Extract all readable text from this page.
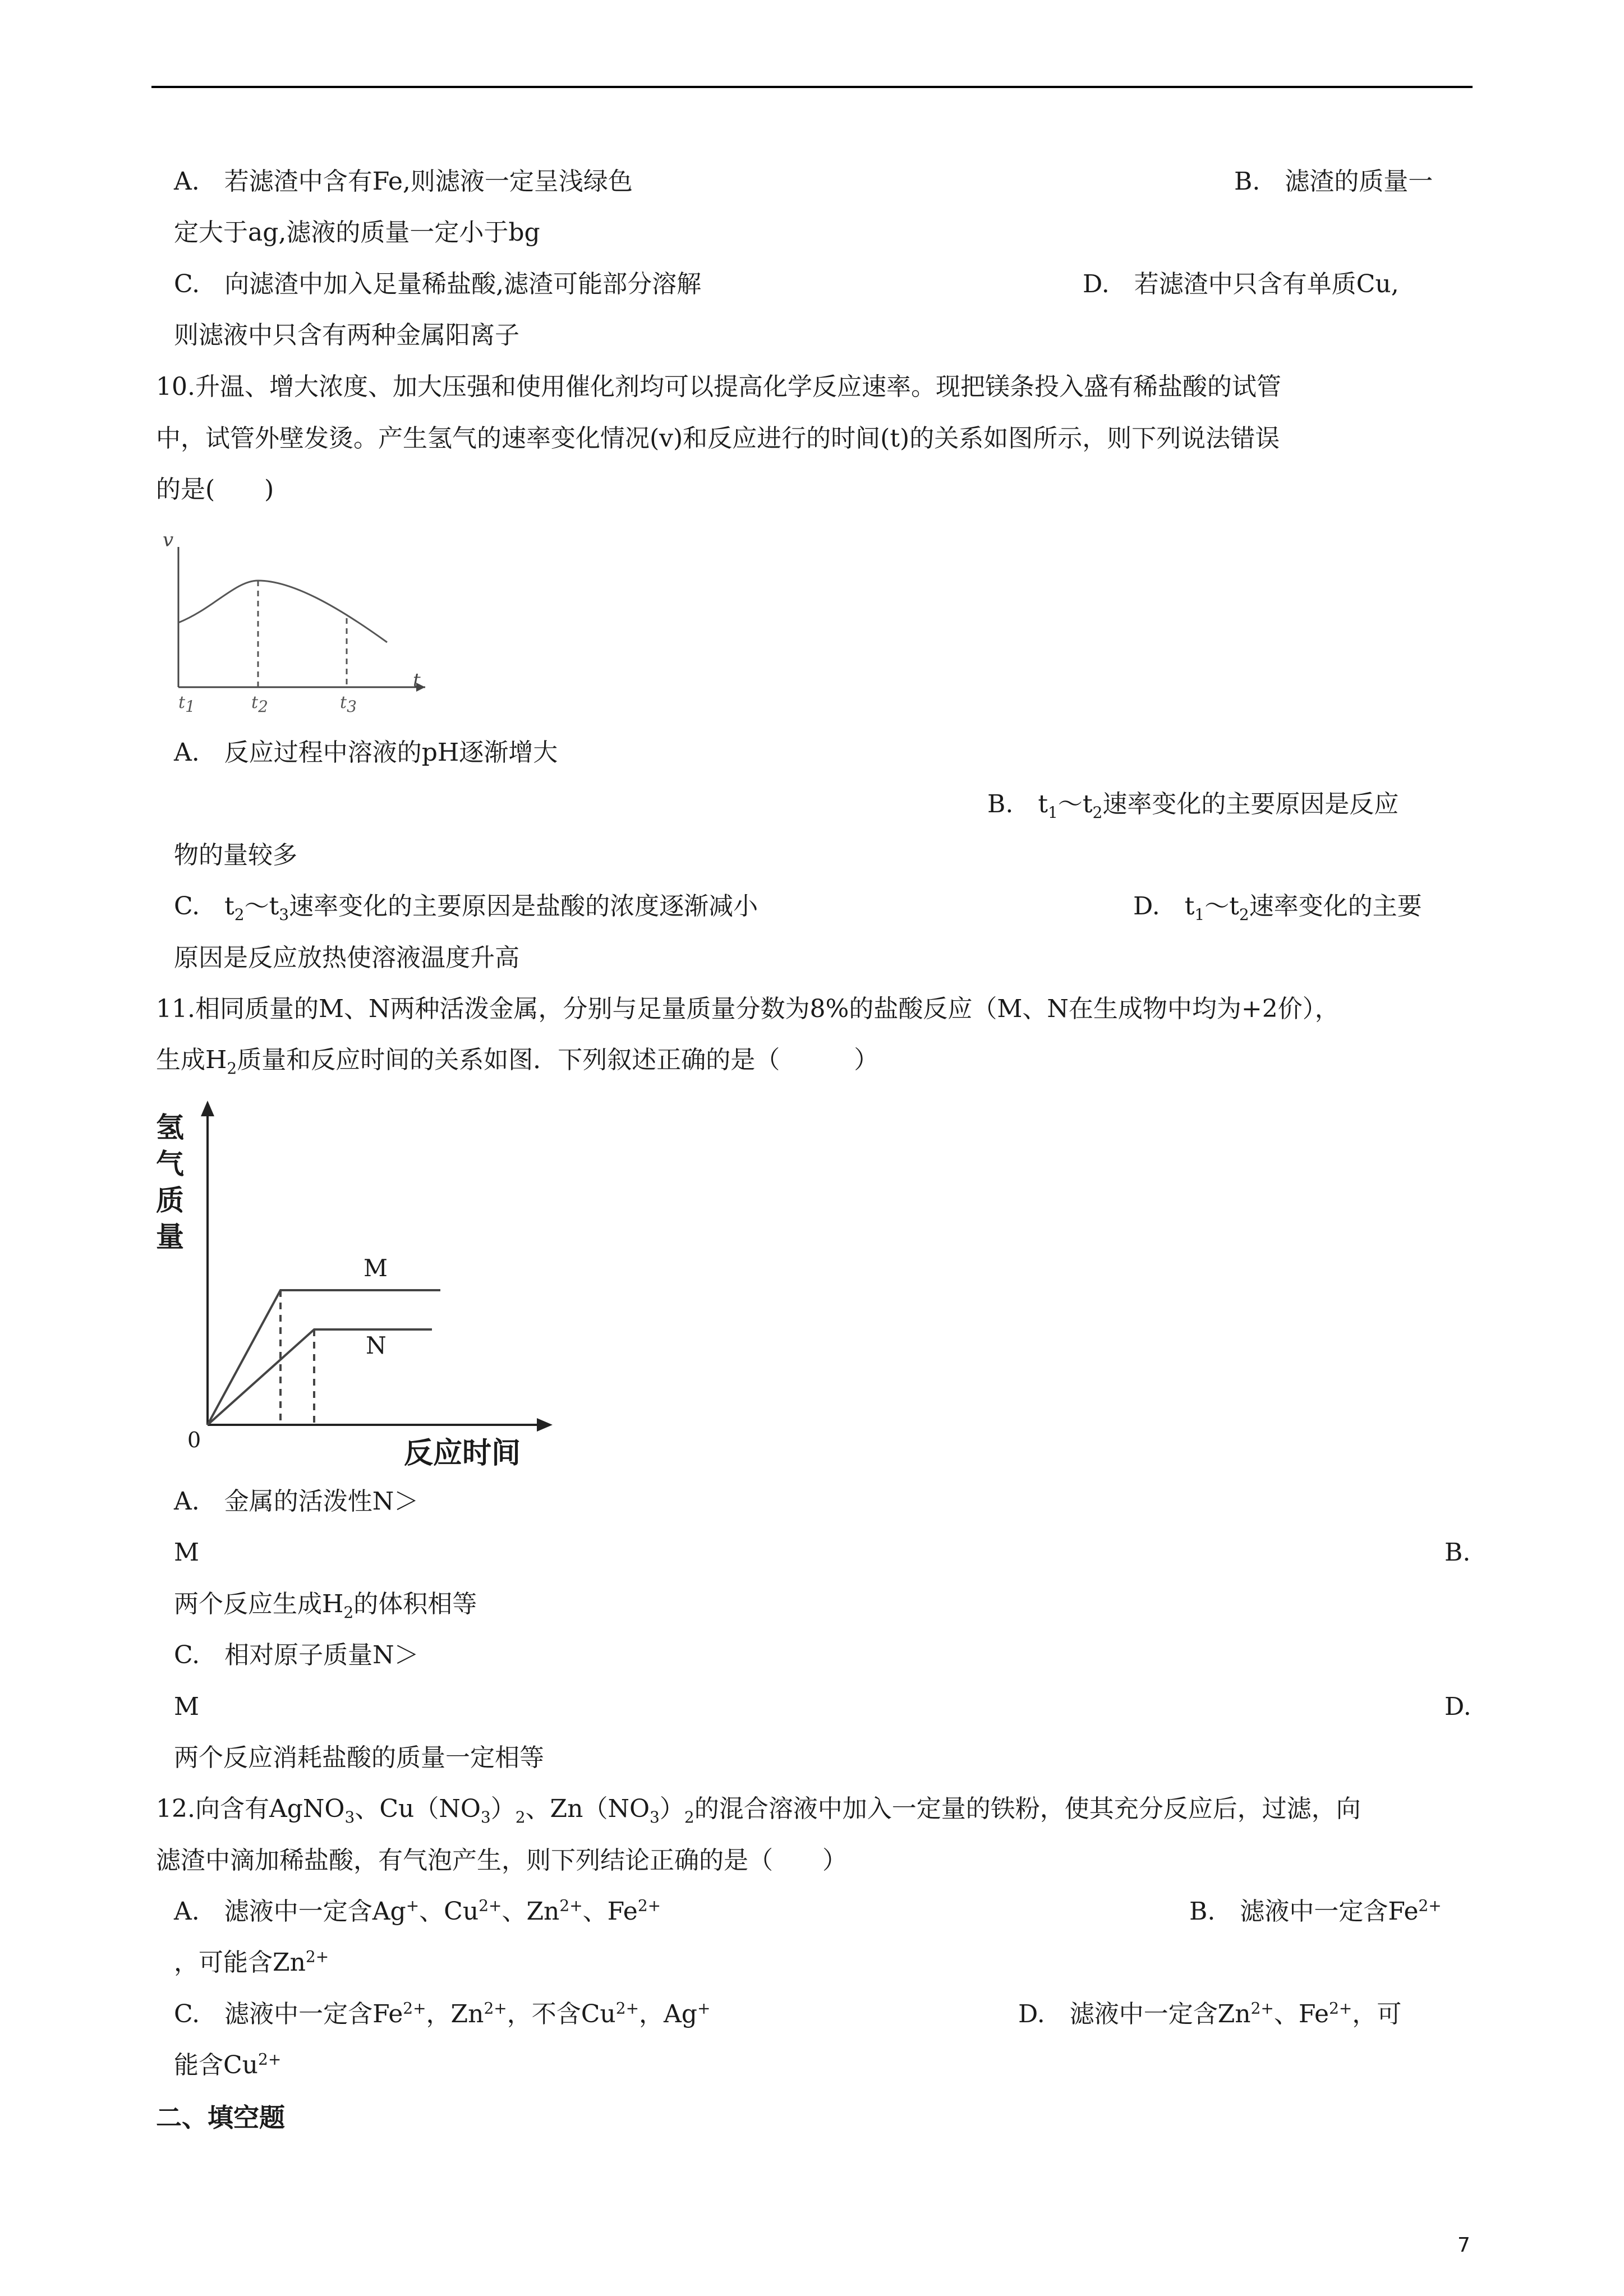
A.　若滤渣中含有Fe,则滤液一定呈浅绿色	B.　滤渣的质量一
定大于ag,滤液的质量一定小于bg
C.　向滤渣中加入足量稀盐酸,滤渣可能部分溶解	D.　若滤渣中只含有单质Cu,
则滤液中只含有两种金属阳离子
10.升温、增大浓度、加大压强和使用催化剂均可以提高化学反应速率。现把镁条投入盛有稀盐酸的试管
中，试管外壁发烫。产生氢气的速率变化情况(v)和反应进行的时间(t)的关系如图所示，则下列说法错误
的是(　　)
v
t
$t_1$	$t_2$	$t_3$
A.　反应过程中溶液的pH逐渐增大
B.　$t_1\sim t_2$速率变化的主要原因是反应
物的量较多
C.　$t_2\sim t_3$速率变化的主要原因是盐酸的浓度逐渐减小	D.　$t_1\sim t_2$速率变化的主要
原因是反应放热使溶液温度升高
11.相同质量的M、N两种活泼金属，分别与足量质量分数为8%的盐酸反应（M、N在生成物中均为+2价），
生成$H_2$质量和反应时间的关系如图．下列叙述正确的是（　　　）
氢
气
质
量
0	反应时间
M
N
A.　金属的活泼性N＞
M	B.
两个反应生成$H_2$的体积相等
C.　相对原子质量N＞
M	D.
两个反应消耗盐酸的质量一定相等
12.向含有AgNO$_3$、$Cu(NO_3)_2$、$Zn(NO_3)_2$的混合溶液中加入一定量的铁粉，使其充分反应后，过滤，向
滤渣中滴加稀盐酸，有气泡产生，则下列结论正确的是（　　）
A.　滤液中一定含Ag+、$Cu^{2+}$、$Zn^{2+}$、$Fe^{2+}$	B.　滤液中一定含$Fe^{2+}$
，可能含$Zn^{2+}$
C.　滤液中一定含$Fe^{2+}$，$Zn^{2+}$，不含$Cu^{2+}$，Ag+	D.　滤液中一定含$Zn^{2+}$、$Fe^{2+}$，可
能含$Cu^{2+}$
二、填空题
7
